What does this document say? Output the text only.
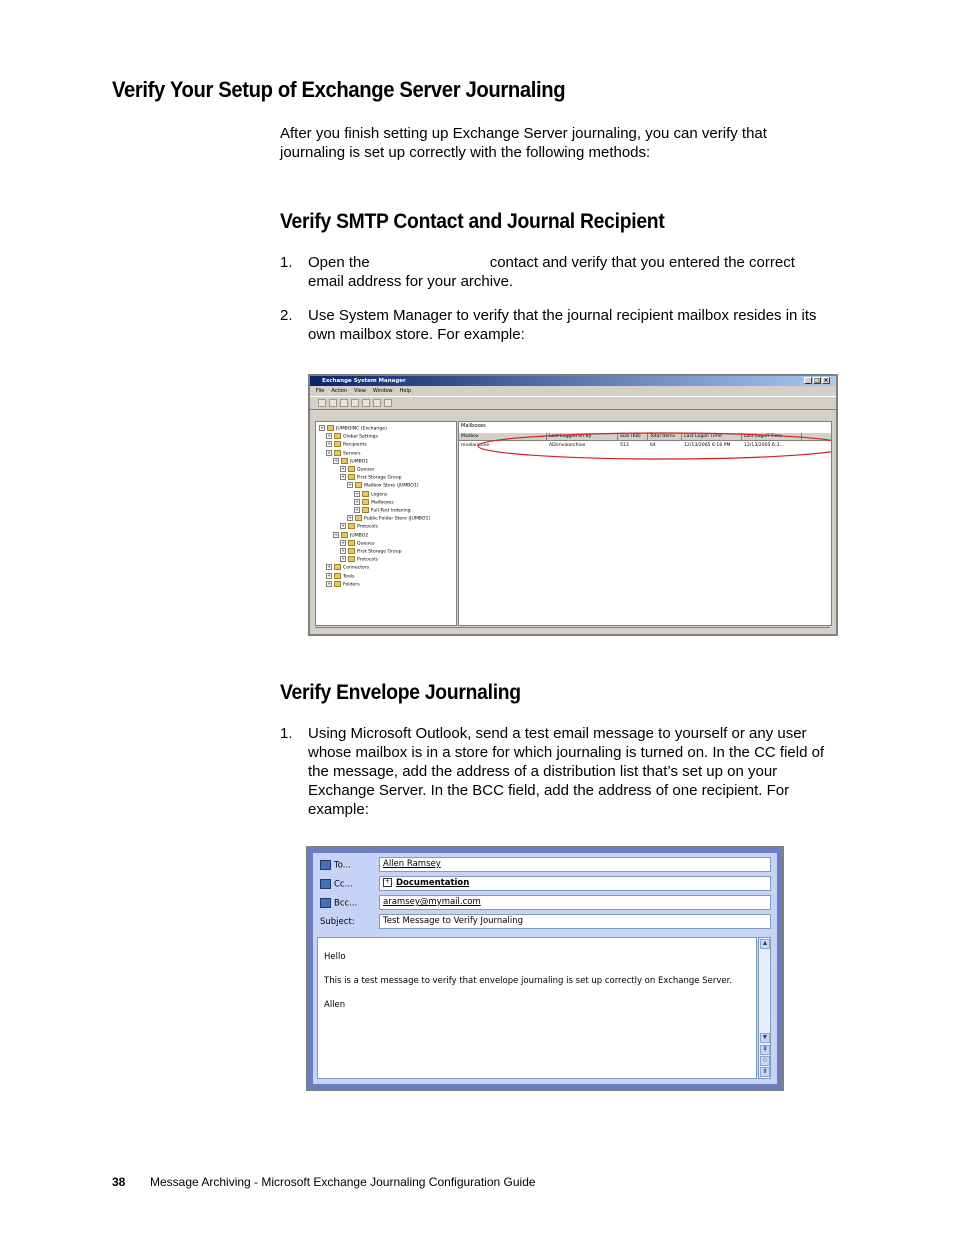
Verify Your Setup of Exchange Server Journaling

After you finish setting up Exchange Server journaling, you can verify that
journaling is set up correctly with the following methods:

Verify SMTP Contact and Journal Recipient
1. Open the	contact and verify that you entered the correct
email address for your archive.
2. Use System Manager to verify that the journal recipient mailbox resides in its
own mailbox store. For example:
Exchange System Manager	_ □ ×
File Action View Window Help
+	JUMBOINC (Exchange)
+	Global Settings
+	Recipients
+	Servers
+	JUMBO1
+	Queues
+	First Storage Group
+	Mailbox Store (JUMBO1)
+	Logons
+	Mailboxes
+	Full-Text Indexing
+	Public Folder Store (JUMBO1)
+	Protocols
+	JUMBO2
+	Queues
+	First Storage Group
+	Protocols
+	Connectors
+	Tools
+	Folders
Mailboxes
Mailbox	Last Logged on By	Size (KB)	Total Items	Last Logon Time	Last Logoff Time
mvalarchive	AD\mvalarchive	513	64	12/13/2005 6:16 PM	12/13/2005 6:3...
Verify Envelope Journaling
1. Using Microsoft Outlook, send a test email message to yourself or any user
whose mailbox is in a store for which journaling is turned on. In the CC field of
the message, add the address of a distribution list that’s set up on your
Exchange Server. In the BCC field, add the address of one recipient. For
example:
To...	Allen Ramsey
Cc...	+ Documentation
Bcc...	aramsey@mymail.com
Subject:	Test Message to Verify Journaling
Hello
This is a test message to verify that envelope journaling is set up correctly on Exchange Server.
Allen
▲
▼
⇞
○
⇟
38 Message Archiving - Microsoft Exchange Journaling Configuration Guide
